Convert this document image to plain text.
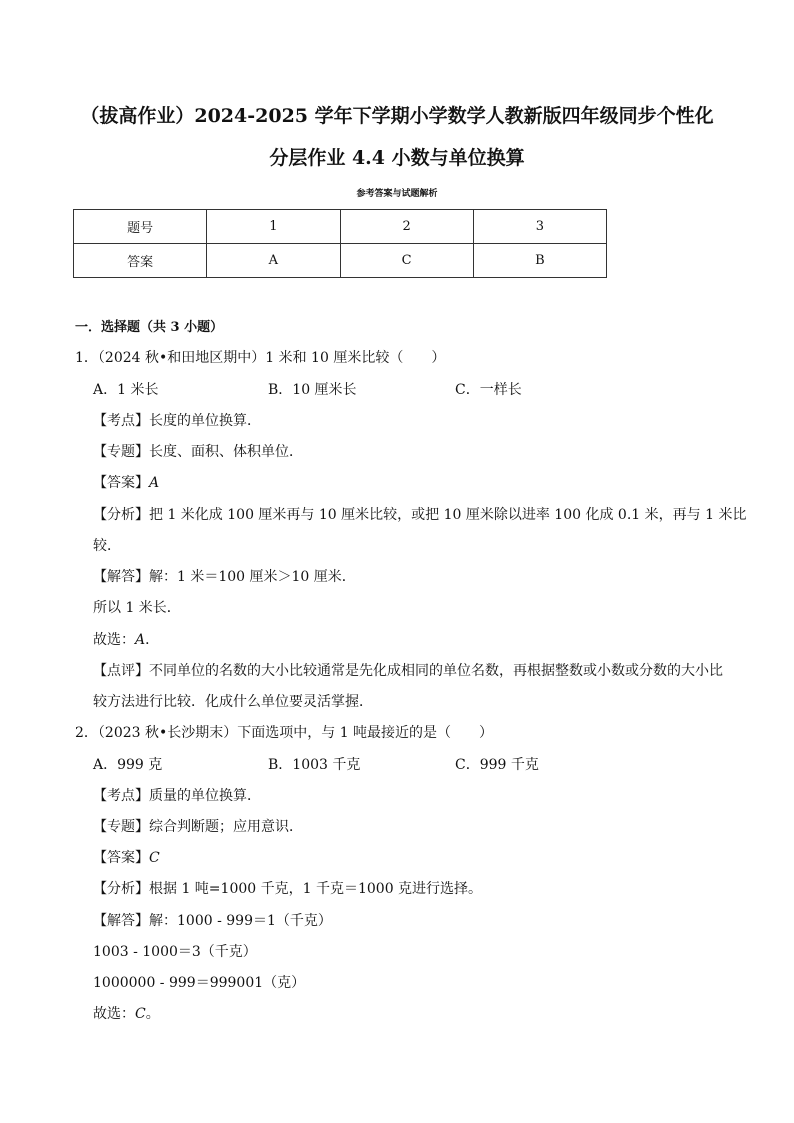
（拔高作业）2024-2025 学年下学期小学数学人教新版四年级同步个性化
分层作业 4.4 小数与单位换算
参考答案与试题解析
题号	1	2	3
答案	A	C	B
一．选择题（共 3 小题）
1．（2024 秋•和田地区期中）1 米和 10 厘米比较（　　）
A．1 米长	B．10 厘米长	C．一样长
【考点】长度的单位换算．
【专题】长度、面积、体积单位．
【答案】A
【分析】把 1 米化成 100 厘米再与 10 厘米比较，或把 10 厘米除以进率 100 化成 0.1 米，再与 1 米比
较．
【解答】解：1 米＝100 厘米＞10 厘米．
所以 1 米长．
故选：A．
【点评】不同单位的名数的大小比较通常是先化成相同的单位名数，再根据整数或小数或分数的大小比
较方法进行比较．化成什么单位要灵活掌握．
2．（2023 秋•长沙期末）下面选项中，与 1 吨最接近的是（　　）
A．999 克	B．1003 千克	C．999 千克
【考点】质量的单位换算．
【专题】综合判断题；应用意识．
【答案】C
【分析】根据 1 吨=1000 千克，1 千克＝1000 克进行选择。
【解答】解：1000 - 999＝1（千克）
1003 - 1000＝3（千克）
1000000 - 999＝999001（克）
故选：C。
